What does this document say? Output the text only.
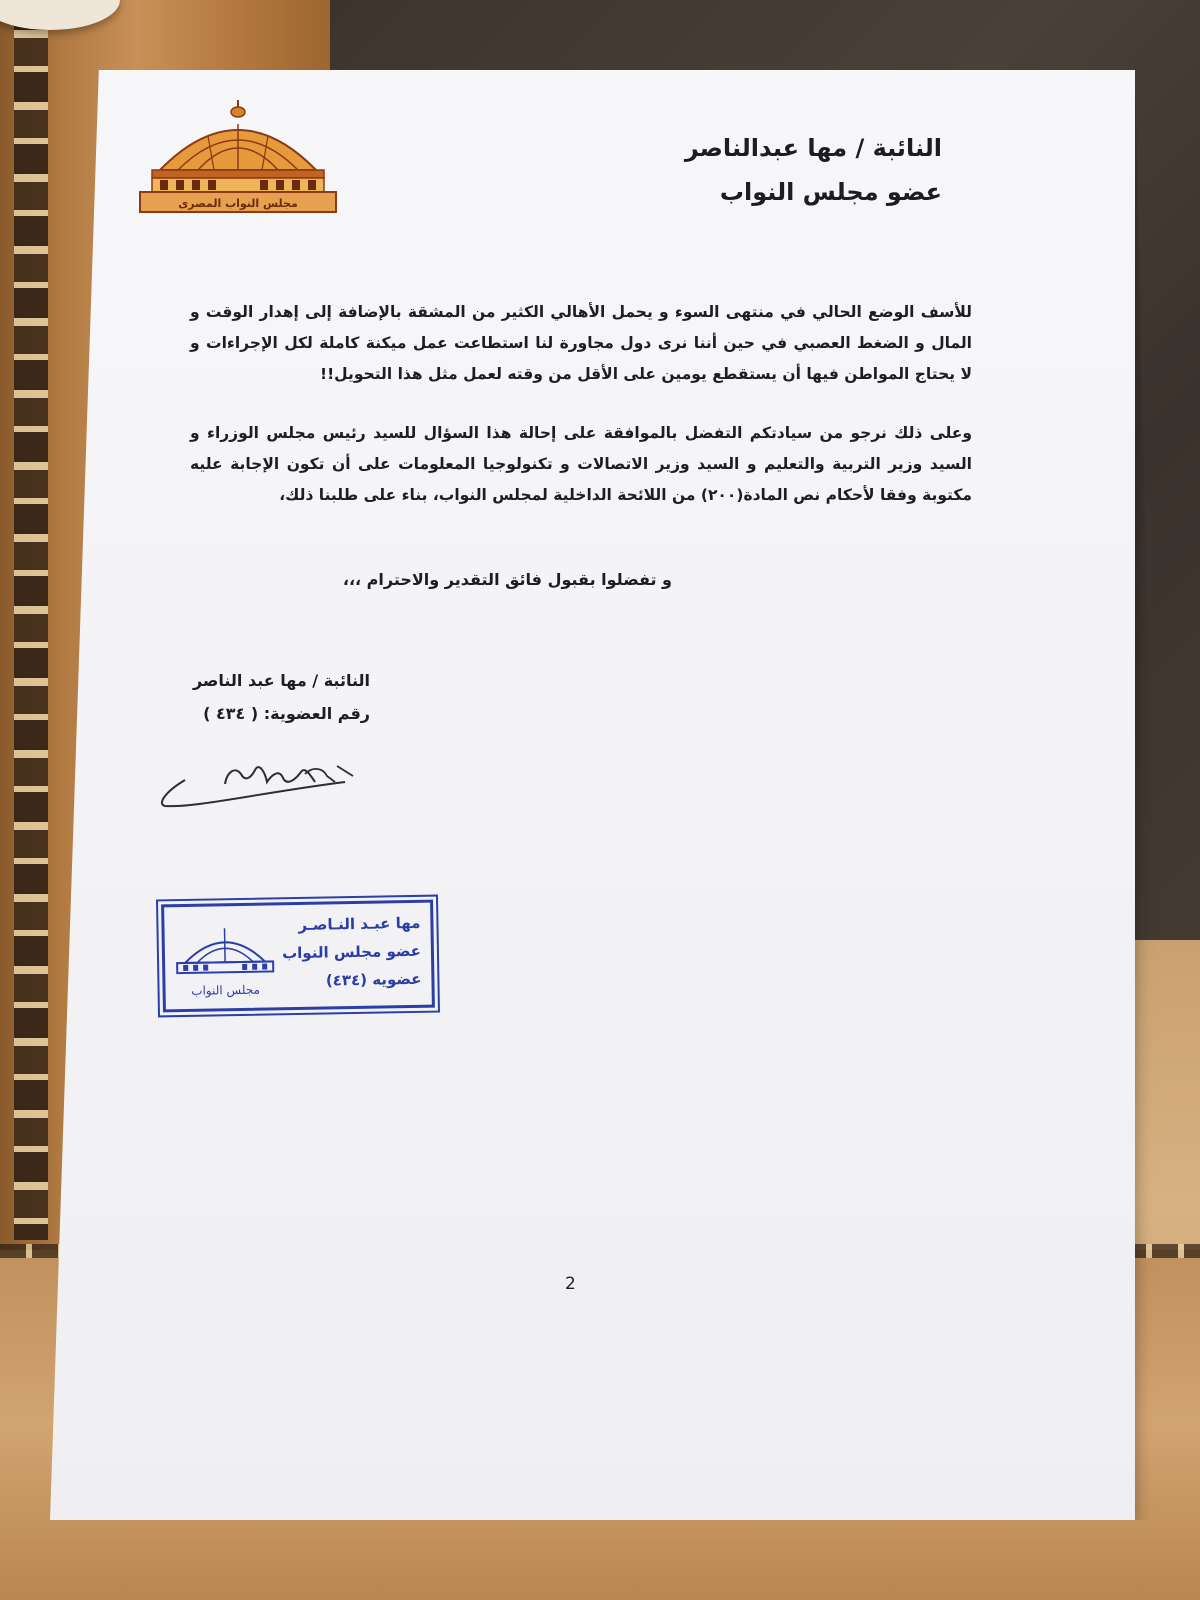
مجلس النواب المصرى
النائبة / مها عبدالناصر
عضو مجلس النواب
للأسف الوضع الحالي في منتهى السوء و يحمل الأهالي الكثير من المشقة بالإضافة إلى إهدار الوقت و المال و الضغط العصبي في حين أننا نرى دول مجاورة لنا استطاعت عمل ميكنة كاملة لكل الإجراءات و لا يحتاج المواطن فيها أن يستقطع يومين على الأقل من وقته لعمل مثل هذا التحويل!!
وعلى ذلك نرجو من سيادتكم التفضل بالموافقة على إحالة هذا السؤال للسيد رئيس مجلس الوزراء و السيد وزير التربية والتعليم و السيد وزير الاتصالات و تكنولوجيا المعلومات على أن تكون الإجابة عليه مكتوبة وفقا لأحكام نص المادة(٢٠٠) من اللائحة الداخلية لمجلس النواب، بناء على طلبنا ذلك،
و تفضلوا بقبول فائق التقدير والاحترام ،،،
النائبة / مها عبد الناصر
رقم العضوية: ( ٤٣٤ )
مها عبـد النـاصـر
عضو مجلس النواب
عضويه (٤٣٤)
مجلس النواب
2
